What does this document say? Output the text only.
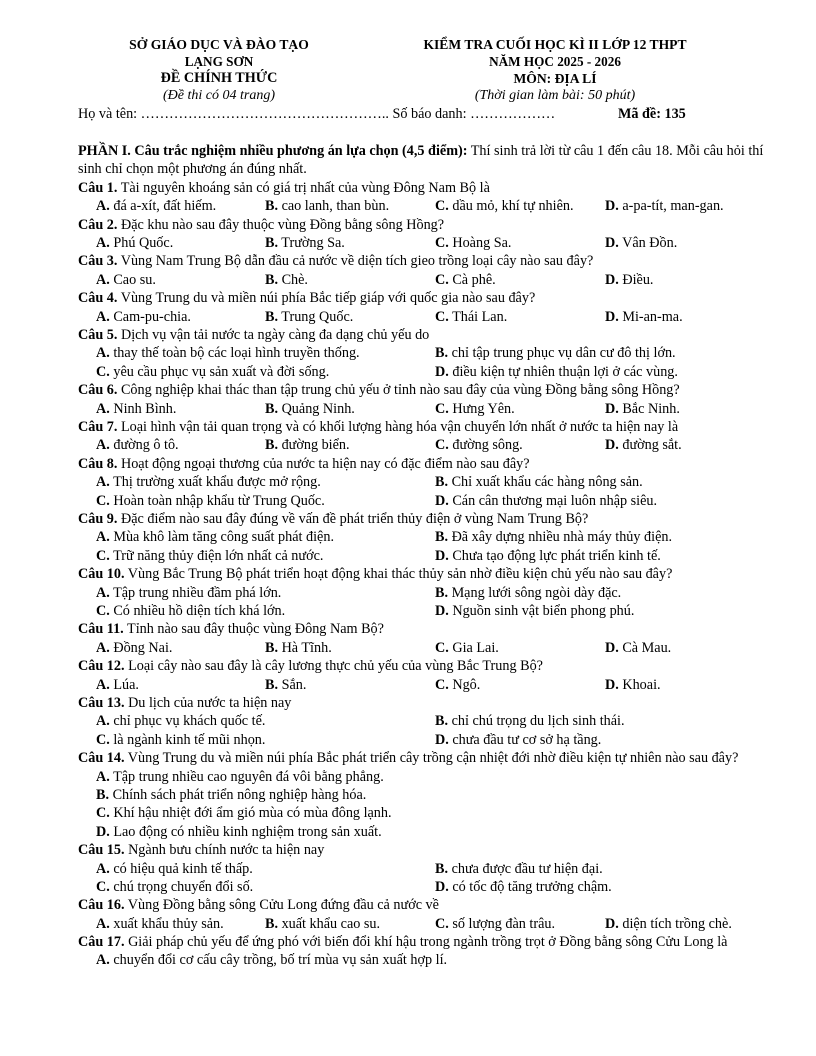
SỞ GIÁO DỤC VÀ ĐÀO TẠO
LẠNG SƠN
ĐỀ CHÍNH THỨC
(Đề thi có 04 trang)
KIỂM TRA CUỐI HỌC KÌ II LỚP 12 THPT
NĂM HỌC 2025 - 2026
MÔN: ĐỊA LÍ
(Thời gian làm bài: 50 phút)
Họ và tên: …………………………………………….. Số báo danh: ………………	Mã đề: 135

PHẦN I. Câu trắc nghiệm nhiều phương án lựa chọn (4,5 điểm): Thí sinh trả lời từ câu 1 đến câu 18. Mỗi câu hỏi thí sinh chỉ chọn một phương án đúng nhất.

Câu 1. Tài nguyên khoáng sản có giá trị nhất của vùng Đông Nam Bộ là

A. đá a-xít, đất hiếm.	B. cao lanh, than bùn.	C. dầu mỏ, khí tự nhiên. D. a-pa-tít, man-gan.

Câu 2. Đặc khu nào sau đây thuộc vùng Đồng bằng sông Hồng?

A. Phú Quốc.	B. Trường Sa.	C. Hoàng Sa.	D. Vân Đồn.

Câu 3. Vùng Nam Trung Bộ dẫn đầu cả nước về diện tích gieo trồng loại cây nào sau đây?

A. Cao su.	B. Chè.	C. Cà phê.	D. Điều.

Câu 4. Vùng Trung du và miền núi phía Bắc tiếp giáp với quốc gia nào sau đây?

A. Cam-pu-chia.	B. Trung Quốc.	C. Thái Lan.	D. Mi-an-ma.

Câu 5. Dịch vụ vận tải nước ta ngày càng đa dạng chủ yếu do

A. thay thế toàn bộ các loại hình truyền thống.	B. chỉ tập trung phục vụ dân cư đô thị lớn.
C. yêu cầu phục vụ sản xuất và đời sống.	D. điều kiện tự nhiên thuận lợi ở các vùng.

Câu 6. Công nghiệp khai thác than tập trung chủ yếu ở tỉnh nào sau đây của vùng Đồng bằng sông Hồng?

A. Ninh Bình.	B. Quảng Ninh.	C. Hưng Yên.	D. Bắc Ninh.

Câu 7. Loại hình vận tải quan trọng và có khối lượng hàng hóa vận chuyển lớn nhất ở nước ta hiện nay là

A. đường ô tô.	B. đường biển.	C. đường sông.	D. đường sắt.

Câu 8. Hoạt động ngoại thương của nước ta hiện nay có đặc điểm nào sau đây?

A. Thị trường xuất khẩu được mở rộng.	B. Chỉ xuất khẩu các hàng nông sản.
C. Hoàn toàn nhập khẩu từ Trung Quốc.	D. Cán cân thương mại luôn nhập siêu.

Câu 9. Đặc điểm nào sau đây đúng về vấn đề phát triển thủy điện ở vùng Nam Trung Bộ?

A. Mùa khô làm tăng công suất phát điện.	B. Đã xây dựng nhiều nhà máy thủy điện.
C. Trữ năng thủy điện lớn nhất cả nước.	D. Chưa tạo động lực phát triển kinh tế.

Câu 10. Vùng Bắc Trung Bộ phát triển hoạt động khai thác thủy sản nhờ điều kiện chủ yếu nào sau đây?

A. Tập trung nhiều đầm phá lớn.	B. Mạng lưới sông ngòi dày đặc.
C. Có nhiều hồ diện tích khá lớn.	D. Nguồn sinh vật biển phong phú.

Câu 11. Tỉnh nào sau đây thuộc vùng Đông Nam Bộ?

A. Đồng Nai.	B. Hà Tĩnh.	C. Gia Lai.	D. Cà Mau.

Câu 12. Loại cây nào sau đây là cây lương thực chủ yếu của vùng Bắc Trung Bộ?

A. Lúa.	B. Sắn.	C. Ngô.	D. Khoai.

Câu 13. Du lịch của nước ta hiện nay

A. chỉ phục vụ khách quốc tế.	B. chỉ chú trọng du lịch sinh thái.
C. là ngành kinh tế mũi nhọn.	D. chưa đầu tư cơ sở hạ tầng.

Câu 14. Vùng Trung du và miền núi phía Bắc phát triển cây trồng cận nhiệt đới nhờ điều kiện tự nhiên nào sau đây?

A. Tập trung nhiều cao nguyên đá vôi bằng phẳng.
B. Chính sách phát triển nông nghiệp hàng hóa.
C. Khí hậu nhiệt đới ẩm gió mùa có mùa đông lạnh.
D. Lao động có nhiều kinh nghiệm trong sản xuất.

Câu 15. Ngành bưu chính nước ta hiện nay

A. có hiệu quả kinh tế thấp.	B. chưa được đầu tư hiện đại.
C. chú trọng chuyển đổi số.	D. có tốc độ tăng trưởng chậm.

Câu 16. Vùng Đồng bằng sông Cửu Long đứng đầu cả nước về

A. xuất khẩu thủy sản.	B. xuất khẩu cao su.	C. số lượng đàn trâu.	D. diện tích trồng chè.

Câu 17. Giải pháp chủ yếu để ứng phó với biến đổi khí hậu trong ngành trồng trọt ở Đồng bằng sông Cửu Long là

A. chuyển đổi cơ cấu cây trồng, bố trí mùa vụ sản xuất hợp lí.
